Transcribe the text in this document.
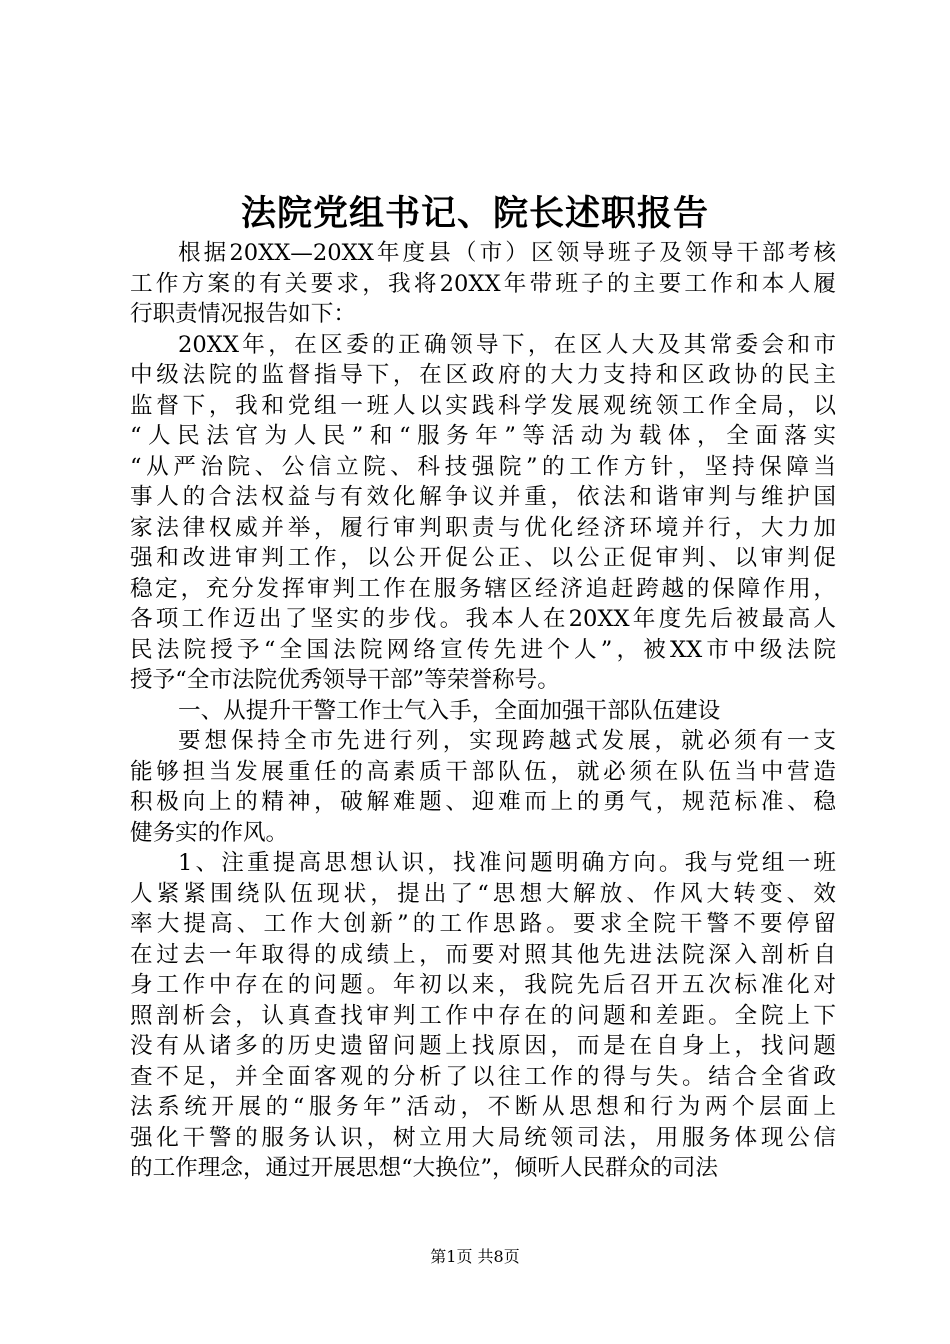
法院党组书记、院长述职报告
根据20XX—20XX年度县（市）区领导班子及领导干部考核
工作方案的有关要求，我将20XX年带班子的主要工作和本人履
行职责情况报告如下：
20XX年，在区委的正确领导下，在区人大及其常委会和市
中级法院的监督指导下，在区政府的大力支持和区政协的民主
监督下，我和党组一班人以实践科学发展观统领工作全局，以
“人民法官为人民”和“服务年”等活动为载体，全面落实
“从严治院、公信立院、科技强院”的工作方针，坚持保障当
事人的合法权益与有效化解争议并重，依法和谐审判与维护国
家法律权威并举，履行审判职责与优化经济环境并行，大力加
强和改进审判工作，以公开促公正、以公正促审判、以审判促
稳定，充分发挥审判工作在服务辖区经济追赶跨越的保障作用，
各项工作迈出了坚实的步伐。我本人在20XX年度先后被最高人
民法院授予“全国法院网络宣传先进个人”，被XX市中级法院
授予“全市法院优秀领导干部”等荣誉称号。
一、从提升干警工作士气入手，全面加强干部队伍建设
要想保持全市先进行列，实现跨越式发展，就必须有一支
能够担当发展重任的高素质干部队伍，就必须在队伍当中营造
积极向上的精神，破解难题、迎难而上的勇气，规范标准、稳
健务实的作风。
1、注重提高思想认识，找准问题明确方向。我与党组一班
人紧紧围绕队伍现状，提出了“思想大解放、作风大转变、效
率大提高、工作大创新”的工作思路。要求全院干警不要停留
在过去一年取得的成绩上，而要对照其他先进法院深入剖析自
身工作中存在的问题。年初以来，我院先后召开五次标准化对
照剖析会，认真查找审判工作中存在的问题和差距。全院上下
没有从诸多的历史遗留问题上找原因，而是在自身上，找问题
查不足，并全面客观的分析了以往工作的得与失。结合全省政
法系统开展的“服务年”活动，不断从思想和行为两个层面上
强化干警的服务认识，树立用大局统领司法，用服务体现公信
的工作理念，通过开展思想“大换位”，倾听人民群众的司法
第1页 共8页
